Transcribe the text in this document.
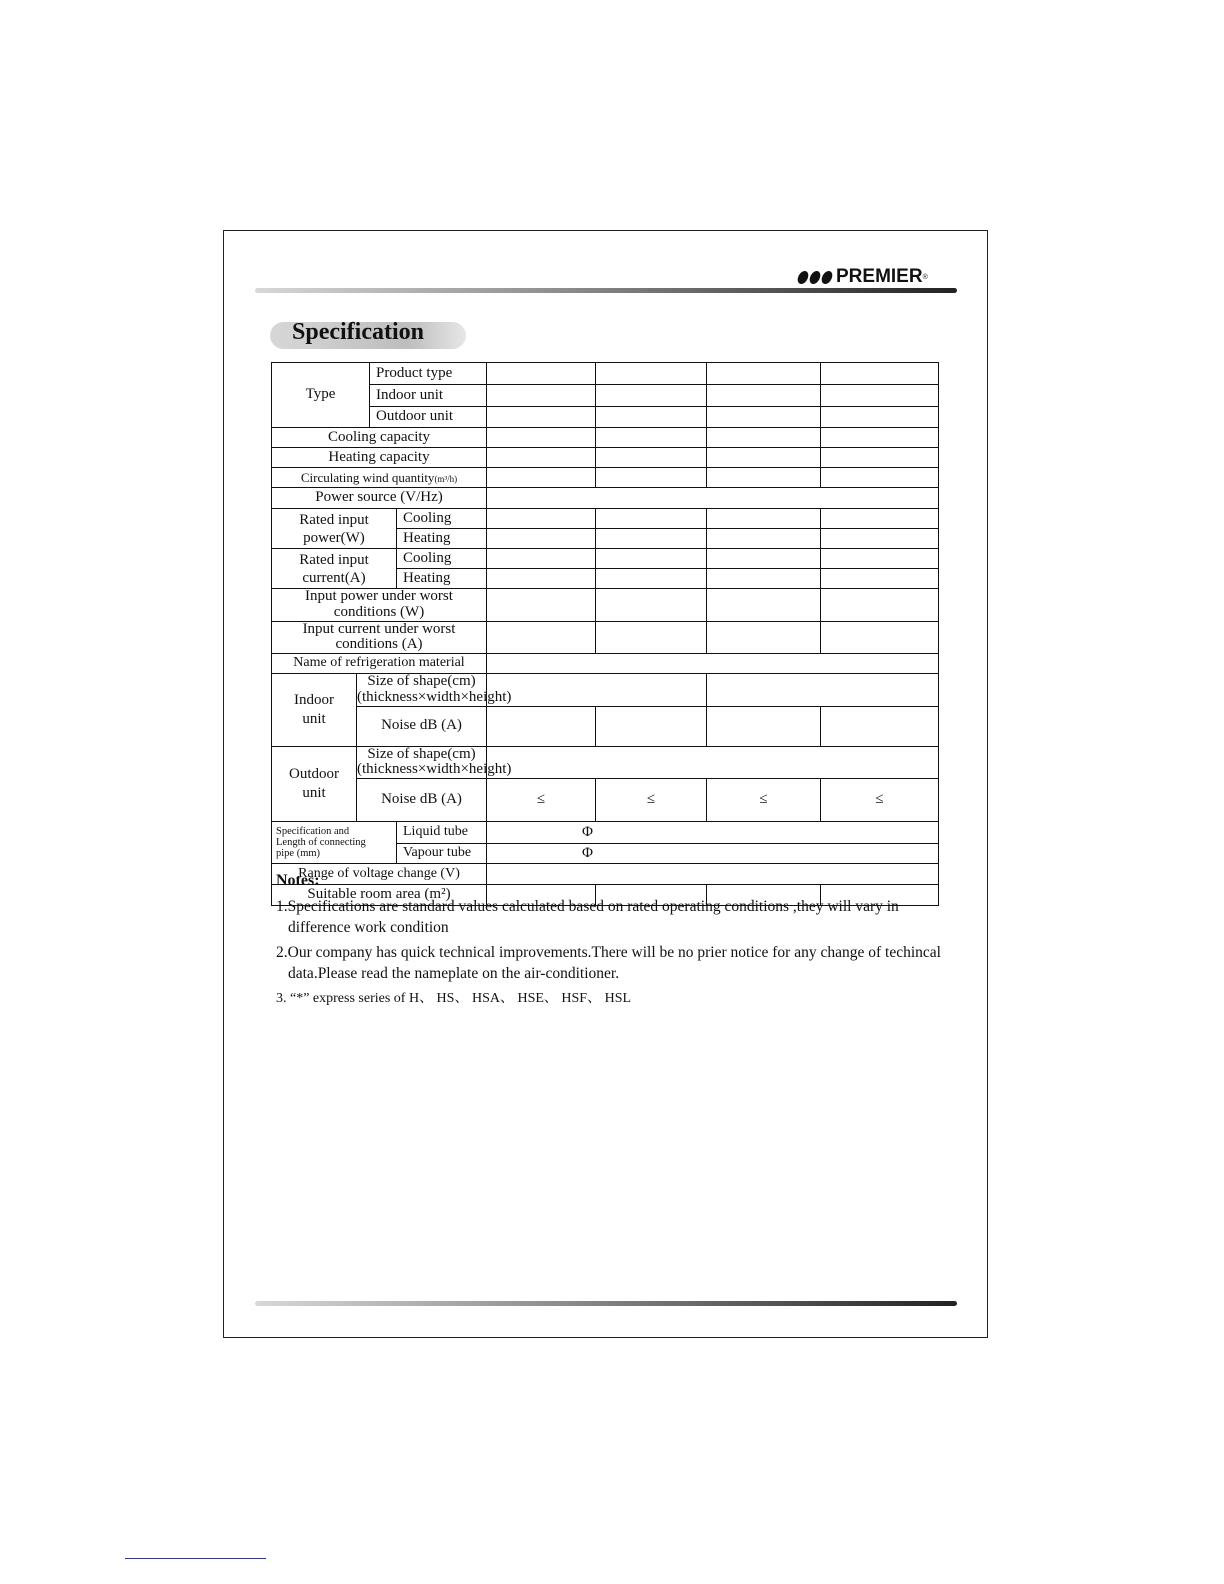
PREMIER ®
Specification
Type		Product type					
		Indoor unit					
		Outdoor unit					
Cooling capacity							
Heating capacity							
Circulating wind quantity(m³/h)							
Power source (V/Hz)							
Rated input
power(W)			Cooling				
			Heating				
Rated input
current(A)			Cooling				
			Heating				
Input power under worst conditions (W)							
Input current under worst conditions (A)							
Name of refrigeration material							
Indoor
unit	Size of shape(cm)
(thickness×width×height)						
	Noise dB (A)						
Outdoor
unit	Size of shape(cm)
(thickness×width×height)						
	Noise dB (A)			≤	≤	≤	≤
Specification and
Length of connecting
pipe (mm)			Liquid tube	Φ			
			Vapour tube	Φ			
Range of voltage change (V)							
Suitable room area (m²)							
Notes:
1.Specifications are standard values calculated based on rated operating conditions ,they will vary in difference work condition
2.Our company has quick technical improvements.There will be no prier notice for any change of techincal data.Please read the nameplate on the air-conditioner.
3. “*” express series of H、 HS、 HSA、 HSE、 HSF、 HSL
